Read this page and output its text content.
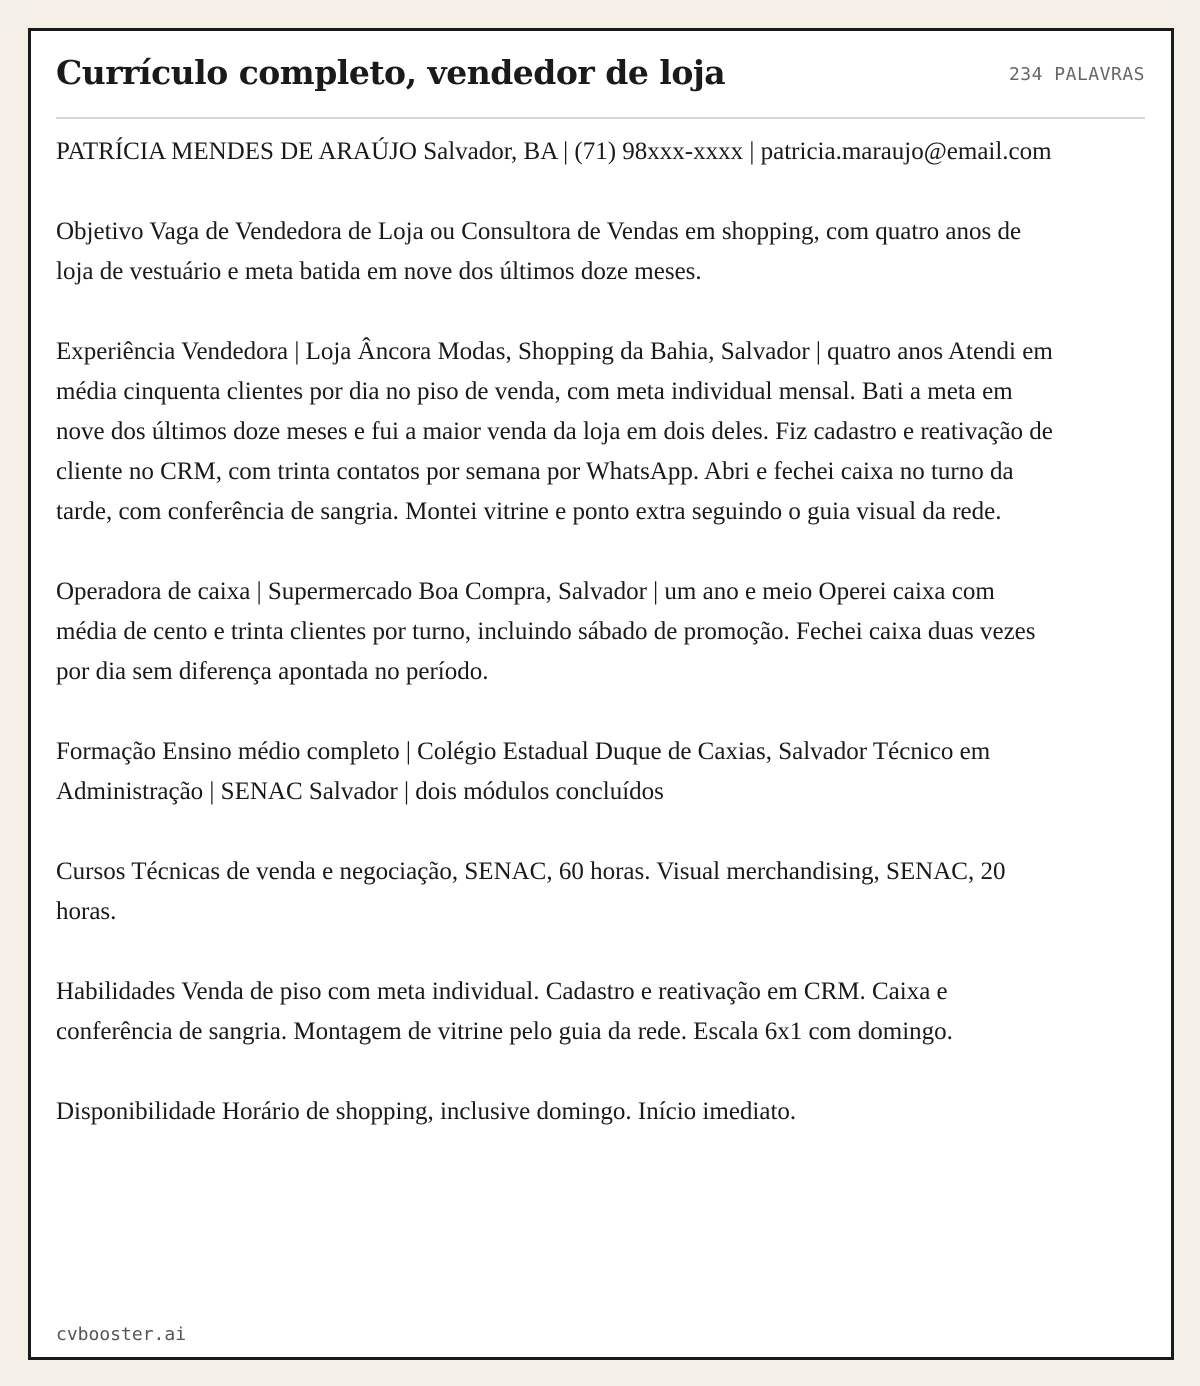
Currículo completo, vendedor de loja	234 PALAVRAS

PATRÍCIA MENDES DE ARAÚJO Salvador, BA | (71) 98xxx-xxxx | patricia.maraujo@email.com

Objetivo Vaga de Vendedora de Loja ou Consultora de Vendas em shopping, com quatro anos de loja de vestuário e meta batida em nove dos últimos doze meses.

Experiência Vendedora | Loja Âncora Modas, Shopping da Bahia, Salvador | quatro anos Atendi em média cinquenta clientes por dia no piso de venda, com meta individual mensal. Bati a meta em nove dos últimos doze meses e fui a maior venda da loja em dois deles. Fiz cadastro e reativação de cliente no CRM, com trinta contatos por semana por WhatsApp. Abri e fechei caixa no turno da tarde, com conferência de sangria. Montei vitrine e ponto extra seguindo o guia visual da rede.

Operadora de caixa | Supermercado Boa Compra, Salvador | um ano e meio Operei caixa com média de cento e trinta clientes por turno, incluindo sábado de promoção. Fechei caixa duas vezes por dia sem diferença apontada no período.

Formação Ensino médio completo | Colégio Estadual Duque de Caxias, Salvador Técnico em Administração | SENAC Salvador | dois módulos concluídos

Cursos Técnicas de venda e negociação, SENAC, 60 horas. Visual merchandising, SENAC, 20 horas.

Habilidades Venda de piso com meta individual. Cadastro e reativação em CRM. Caixa e conferência de sangria. Montagem de vitrine pelo guia da rede. Escala 6x1 com domingo.

Disponibilidade Horário de shopping, inclusive domingo. Início imediato.

cvbooster.ai
